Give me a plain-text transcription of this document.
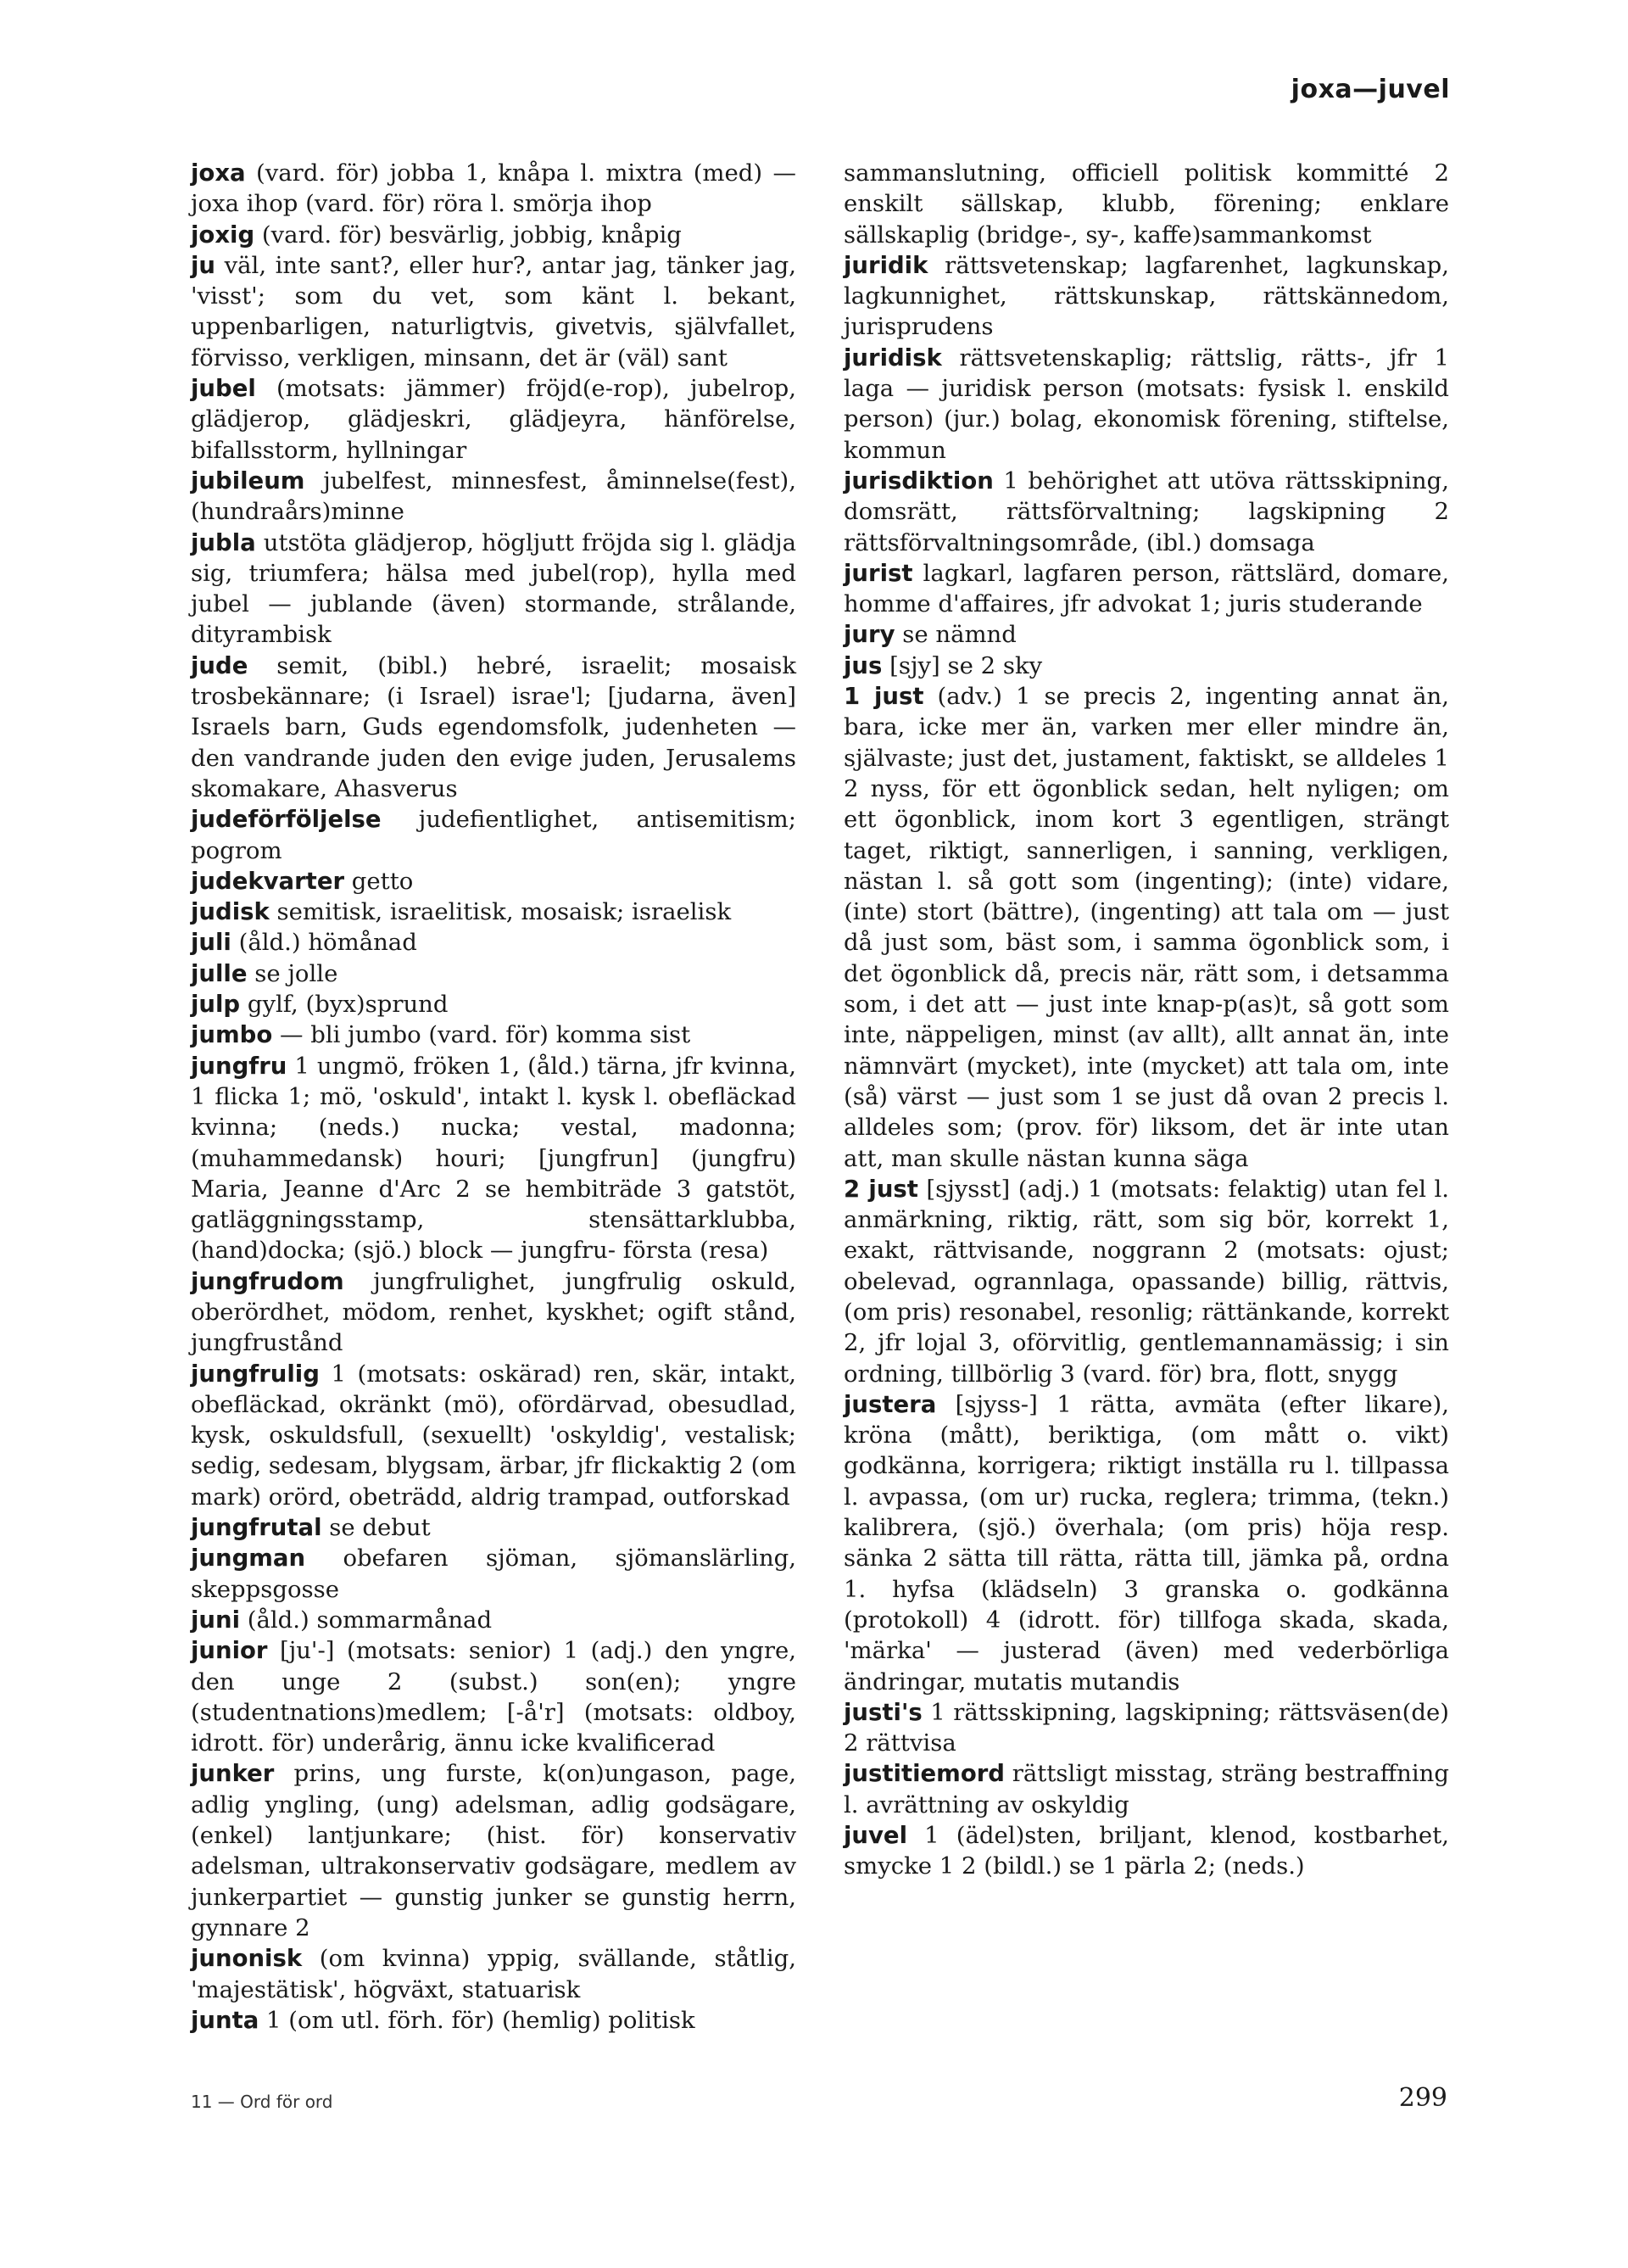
joxa—juvel

joxa (vard. för) jobba 1, knåpa l. mixtra (med) — joxa ihop (vard. för) röra l. smörja ihop

joxig (vard. för) besvärlig, jobbig, knåpig

ju väl, inte sant?, eller hur?, antar jag, tänker jag, 'visst'; som du vet, som känt l. bekant, uppenbarligen, naturligtvis, givetvis, självfallet, förvisso, verkligen, minsann, det är (väl) sant

jubel (motsats: jämmer) fröjd(e-rop), jubelrop, glädjerop, glädjeskri, glädjeyra, hänförelse, bifallsstorm, hyllningar

jubileum jubelfest, minnesfest, åminnelse(fest), (hundraårs)minne

jubla utstöta glädjerop, högljutt fröjda sig l. glädja sig, triumfera; hälsa med jubel(rop), hylla med jubel — jublande (även) stormande, strålande, dityrambisk

jude semit, (bibl.) hebré, israelit; mosaisk trosbekännare; (i Israel) israe'l; [judarna, även] Israels barn, Guds egendomsfolk, judenheten — den vandrande juden den evige juden, Jerusalems skomakare, Ahasverus

judeförföljelse judefientlighet, antisemitism; pogrom

judekvarter getto

judisk semitisk, israelitisk, mosaisk; israelisk

juli (åld.) hömånad

julle se jolle

julp gylf, (byx)sprund

jumbo — bli jumbo (vard. för) komma sist

jungfru 1 ungmö, fröken 1, (åld.) tärna, jfr kvinna, 1 flicka 1; mö, 'oskuld', intakt l. kysk l. obefläckad kvinna; (neds.) nucka; vestal, madonna; (muhammedansk) houri; [jungfrun] (jungfru) Maria, Jeanne d'Arc 2 se hembiträde 3 gatstöt, gatläggningsstamp, stensättarklubba, (hand)docka; (sjö.) block — jungfru- första (resa)

jungfrudom jungfrulighet, jungfrulig oskuld, oberördhet, mödom, renhet, kyskhet; ogift stånd, jungfrustånd

jungfrulig 1 (motsats: oskärad) ren, skär, intakt, obefläckad, okränkt (mö), ofördärvad, obesudlad, kysk, oskuldsfull, (sexuellt) 'oskyldig', vestalisk; sedig, sedesam, blygsam, ärbar, jfr flickaktig 2 (om mark) orörd, obeträdd, aldrig trampad, outforskad

jungfrutal se debut

jungman obefaren sjöman, sjömanslärling, skeppsgosse

juni (åld.) sommarmånad

junior [ju'-] (motsats: senior) 1 (adj.) den yngre, den unge 2 (subst.) son(en); yngre (studentnations)medlem; [-å'r] (motsats: oldboy, idrott. för) underårig, ännu icke kvalificerad

junker prins, ung furste, k(on)ungason, page, adlig yngling, (ung) adelsman, adlig godsägare, (enkel) lantjunkare; (hist. för) konservativ adelsman, ultrakonservativ godsägare, medlem av junkerpartiet — gunstig junker se gunstig herrn, gynnare 2

junonisk (om kvinna) yppig, svällande, ståtlig, 'majestätisk', högväxt, statuarisk

junta 1 (om utl. förh. för) (hemlig) politisk

sammanslutning, officiell politisk kommitté 2 enskilt sällskap, klubb, förening; enklare sällskaplig (bridge-, sy-, kaffe)sammankomst

juridik rättsvetenskap; lagfarenhet, lagkunskap, lagkunnighet, rättskunskap, rättskännedom, jurisprudens

juridisk rättsvetenskaplig; rättslig, rätts-, jfr 1 laga — juridisk person (motsats: fysisk l. enskild person) (jur.) bolag, ekonomisk förening, stiftelse, kommun

jurisdiktion 1 behörighet att utöva rättsskipning, domsrätt, rättsförvaltning; lagskipning 2 rättsförvaltningsområde, (ibl.) domsaga

jurist lagkarl, lagfaren person, rättslärd, domare, homme d'affaires, jfr advokat 1; juris studerande

jury se nämnd

jus [sjy] se 2 sky

1 just (adv.) 1 se precis 2, ingenting annat än, bara, icke mer än, varken mer eller mindre än, självaste; just det, justament, faktiskt, se alldeles 1 2 nyss, för ett ögonblick sedan, helt nyligen; om ett ögonblick, inom kort 3 egentligen, strängt taget, riktigt, sannerligen, i sanning, verkligen, nästan l. så gott som (ingenting); (inte) vidare, (inte) stort (bättre), (ingenting) att tala om — just då just som, bäst som, i samma ögonblick som, i det ögonblick då, precis när, rätt som, i detsamma som, i det att — just inte knap-p(as)t, så gott som inte, näppeligen, minst (av allt), allt annat än, inte nämnvärt (mycket), inte (mycket) att tala om, inte (så) värst — just som 1 se just då ovan 2 precis l. alldeles som; (prov. för) liksom, det är inte utan att, man skulle nästan kunna säga

2 just [sjysst] (adj.) 1 (motsats: felaktig) utan fel l. anmärkning, riktig, rätt, som sig bör, korrekt 1, exakt, rättvisande, noggrann 2 (motsats: ojust; obelevad, ogrannlaga, opassande) billig, rättvis, (om pris) resonabel, resonlig; rättänkande, korrekt 2, jfr lojal 3, oförvitlig, gentlemannamässig; i sin ordning, tillbörlig 3 (vard. för) bra, flott, snygg

justera [sjyss-] 1 rätta, avmäta (efter likare), kröna (mått), beriktiga, (om mått o. vikt) godkänna, korrigera; riktigt inställa ru l. tillpassa l. avpassa, (om ur) rucka, reglera; trimma, (tekn.) kalibrera, (sjö.) överhala; (om pris) höja resp. sänka 2 sätta till rätta, rätta till, jämka på, ordna 1. hyfsa (klädseln) 3 granska o. godkänna (protokoll) 4 (idrott. för) tillfoga skada, skada, 'märka' — justerad (även) med vederbörliga ändringar, mutatis mutandis

justi's 1 rättsskipning, lagskipning; rättsväsen(de) 2 rättvisa

justitiemord rättsligt misstag, sträng bestraffning l. avrättning av oskyldig

juvel 1 (ädel)sten, briljant, klenod, kostbarhet, smycke 1 2 (bildl.) se 1 pärla 2; (neds.)

11 — Ord för ord	299
